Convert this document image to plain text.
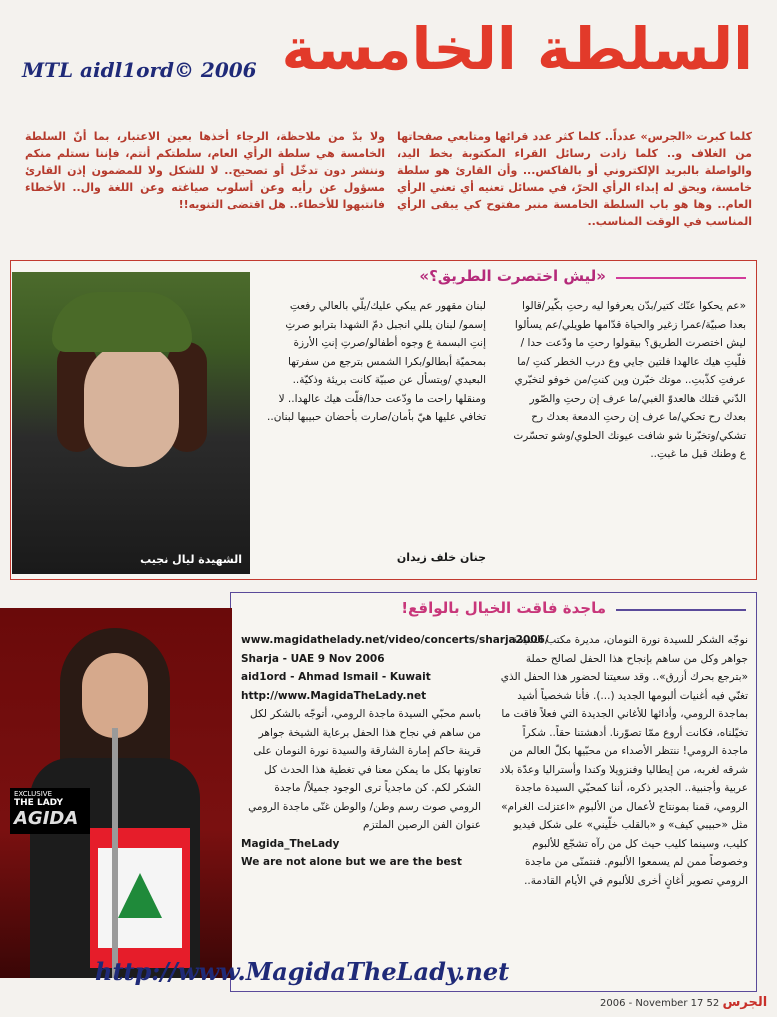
السلطة الخامسة
MTL aidl1ord© 2006
كلما كبرت «الجرس» عدداً.. كلما كثر عدد قرائها ومتابعي صفحاتها من الغلاف و.. كلما زادت رسائل القراء المكتوبة بخط اليد، والواصلة بالبريد الإلكتروني أو بالفاكس... وأن القارئ هو سلطة خامسة، ويحق له إبداء الرأي الحرّ، في مسائل تعنيه أي تعني الرأي العام.. وها هو باب السلطة الخامسة منبر مفتوح كي يبقى الرأي المناسب في الوقت المناسب..
ولا بدّ من ملاحظة، الرجاء أخذها بعين الاعتبار، بما أنّ السلطة الخامسة هي سلطة الرأي العام، سلطتكم أنتم، فإننا نستلم منكم وننشر دون تدخّل أو تصحيح.. لا للشكل ولا للمضمون إذن القارئ مسؤول عن رأيه وعن أسلوب صياغته وعن اللغة وال.. الأخطاء فانتبهوا للأخطاء.. هل اقتضى التنويه!!
«ليش اختصرت الطريق؟»
«عم يحكوا عنّك كتير/بدّن يعرفوا ليه رحتِ بكّير/قالوا بعدا صبيّة/عمرا زغير والحياة قدّامها طويلي/عم يسألوا ليش اختصرت الطريق؟ بيقولوا رحتِ ما ودّعت حدا /فلّيتِ هيك عالهدا فلتين جايي وع درب الخطر كنتِ /ما عرفتِ كذّبتِ.. موتك خبّرن وين كنتِ/من خوفو لتخبّري الدّني قتلك هالعدوّ الغبي/ما عرف إن رحتِ والصّور بعدك رح تحكي/ما عرف إن رحتِ الدمعة بعدك رح تشكي/وتخبّرنا شو شافت عيونك الحلوي/وشو تحسّرت ع وطنك قبل ما غبتِ..
لبنان مقهور عم يبكي عليك/يلّي بالعالي رفعتِ إسمو/ لبنان يللي انجبل دمّ الشهدا بترابو صرتِ إنتِ البسمة ع وجوه أطفالو/صرتِ إنتِ الأرزة بمحميّة أبطالو/بكرا الشمس بترجع من سفرتها البعيدي /وبتسأل عن صبيّة كانت بريئة وذكيّة.. ومنقلها راحت ما ودّعت حدا/فلّت هيك عالهدا.. لا تخافي عليها هيّ بأمان/صارت بأحضان حبيبها لبنان..
جنان خلف زيدان
الشهيدة ليال نجيب
ماجدة فاقت الخيال بالواقع!
نوجّه الشكر للسيدة نورة النومان، مديرة مكتب الشيخة جواهر وكل من ساهم بإنجاح هذا الحفل لصالح حملة «بترجع بحرك أزرق».. وقد سعيتنا لحضور هذا الحفل الذي تغنّي فيه أغنيات ألبومها الجديد (...). فأنا شخصياً أشيد بماجدة الرومي، وأدائها للأغاني الجديدة التي فعلاً فاقت ما تخيّلناه، فكانت أروع ممّا تصوّرنا. أدهشتنا حقاً.. شكراً ماجدة الرومي! ننتظر الأصداء من محبّيها بكلّ العالم من شرقه لغربه، من إيطاليا وفنزويلا وكندا وأستراليا وعدّة بلاد عربية وأجنبية.. الجدير ذكره، أننا كمحبّي السيدة ماجدة الرومي، قمنا بمونتاج لأعمال من الألبوم «اعتزلت الغرام» مثل «حبيبي كيف» و «بالقلب خلّيني» على شكل فيديو كليب، وسينما كليب حيث كل من رآه تشجّع للألبوم وخصوصاً ممن لم يسمعوا الألبوم. فنتمنّى من ماجدة الرومي تصوير أغانٍ أخرى للألبوم في الأيام القادمة..
www.magidathelady.net/video/concerts/sharja2006/
Sharja - UAE 9 Nov 2006
aid1ord - Ahmad Ismail - Kuwait
http://www.MagidaTheLady.net
باسم محبّي السيدة ماجدة الرومي، أتوجّه بالشكر لكل من ساهم في نجاح هذا الحفل برعاية الشيخة جواهر قرينة حاكم إمارة الشارقة والسيدة نورة النومان على تعاونها بكل ما يمكن معنا في تغطية هذا الحدث كل الشكر لكم. كن ماجدياً ترى الوجود جميلاً/ ماجدة الرومي صوت رسم وطن/ والوطن غنّى ماجدة الرومي عنوان الفن الرصين الملتزم
Magida_TheLady
We are not alone but we are the best
EXCLUSIVE
THE LADY
AGIDA
http://www.MagidaTheLady.net
2006 - November 17 الجرس 52
